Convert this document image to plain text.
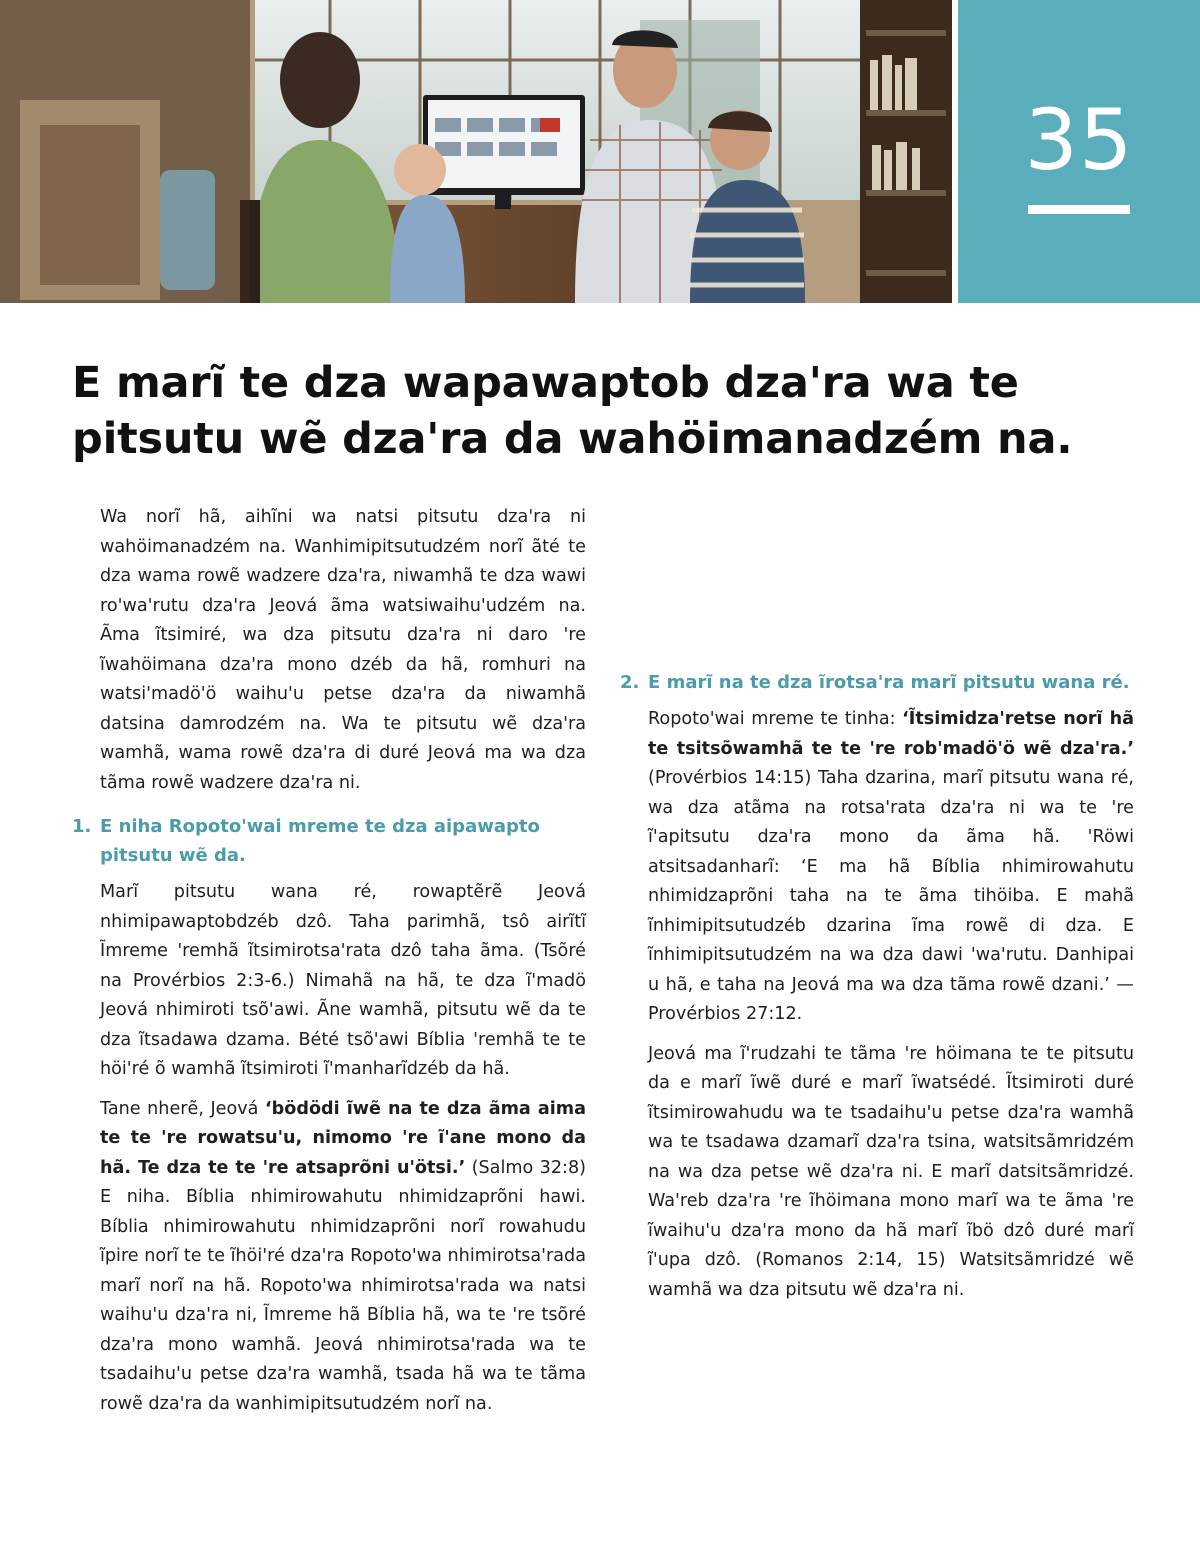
35
E marĩ te dza wapawaptob dza'ra wa te pitsutu wẽ dza'ra da wahöimanadzém na.

Wa norĩ hã, aihĩni wa natsi pitsutu dza'ra ni wahöimanadzém na. Wanhimipitsutudzém norĩ ãté te dza wama rowẽ wadzere dza'ra, niwamhã te dza wawi ro'wa'rutu dza'ra Jeová ãma watsiwaihu'udzém na. Ãma ĩtsimiré, wa dza pitsutu dza'ra ni daro 're ĩwahöimana dza'ra mono dzéb da hã, romhuri na watsi'madö'ö waihu'u petse dza'ra da niwamhã datsina damrodzém na. Wa te pitsutu wẽ dza'ra wamhã, wama rowẽ dza'ra di duré Jeová ma wa dza tãma rowẽ wadzere dza'ra ni.

1. E niha Ropoto'wai mreme te dza aipawapto pitsutu wẽ da.

Marĩ pitsutu wana ré, rowaptẽrẽ Jeová nhimipawaptobdzéb dzô. Taha parimhã, tsô airĩtĩ Ĩmreme 'remhã ĩtsimirotsa'rata dzô taha ãma. (Tsõré na Provérbios 2:3-6.) Nimahã na hã, te dza ĩ'madö Jeová nhimiroti tsõ'awi. Ãne wamhã, pitsutu wẽ da te dza ĩtsadawa dzama. Bété tsõ'awi Bíblia 'remhã te te höi'ré õ wamhã ĩtsimiroti ĩ'manharĩdzéb da hã.

Tane nherẽ, Jeová ‘bödödi ĩwẽ na te dza ãma aima te te 're rowatsu'u, nimomo 're ĩ'ane mono da hã. Te dza te te 're atsaprõni u'ötsi.’ (Salmo 32:8) E niha. Bíblia nhimirowahutu nhimidzaprõni hawi. Bíblia nhimirowahutu nhimidzaprõni norĩ rowahudu ĩpire norĩ te te ĩhöi'ré dza'ra Ropoto'wa nhimirotsa'rada marĩ norĩ na hã. Ropoto'wa nhimirotsa'rada wa natsi waihu'u dza'ra ni, Ĩmreme hã Bíblia hã, wa te 're tsõré dza'ra mono wamhã. Jeová nhimirotsa'rada wa te tsadaihu'u petse dza'ra wamhã, tsada hã wa te tãma rowẽ dza'ra da wanhimipitsutudzém norĩ na.

2. E marĩ na te dza ĩrotsa'ra marĩ pitsutu wana ré.

Ropoto'wai mreme te tinha: ‘Ĩtsimidza'retse norĩ hã te tsitsõwamhã te te 're rob'madö'ö wẽ dza'ra.’ (Provérbios 14:15) Taha dzarina, marĩ pitsutu wana ré, wa dza atãma na rotsa'rata dza'ra ni wa te 're ĩ'apitsutu dza'ra mono da ãma hã. 'Röwi atsitsadanharĩ: ‘E ma hã Bíblia nhimirowahutu nhimidzaprõni taha na te ãma tihöiba. E mahã ĩnhimipitsutudzéb dzarina ĩma rowẽ di dza. E ĩnhimipitsutudzém na wa dza dawi 'wa'rutu. Danhipai u hã, e taha na Jeová ma wa dza tãma rowẽ dzani.’ — Provérbios 27:12.

Jeová ma ĩ'rudzahi te tãma 're höimana te te pitsutu da e marĩ ĩwẽ duré e marĩ ĩwatsédé. Ĩtsimiroti duré ĩtsimirowahudu wa te tsadaihu'u petse dza'ra wamhã wa te tsadawa dzamarĩ dza'ra tsina, watsitsãmridzém na wa dza petse wẽ dza'ra ni. E marĩ datsitsãmridzé. Wa'reb dza'ra 're ĩhöimana mono marĩ wa te ãma 're ĩwaihu'u dza'ra mono da hã marĩ ĩbö dzô duré marĩ ĩ'upa dzô. (Romanos 2:14, 15) Watsitsãmridzé wẽ wamhã wa dza pitsutu wẽ dza'ra ni.
